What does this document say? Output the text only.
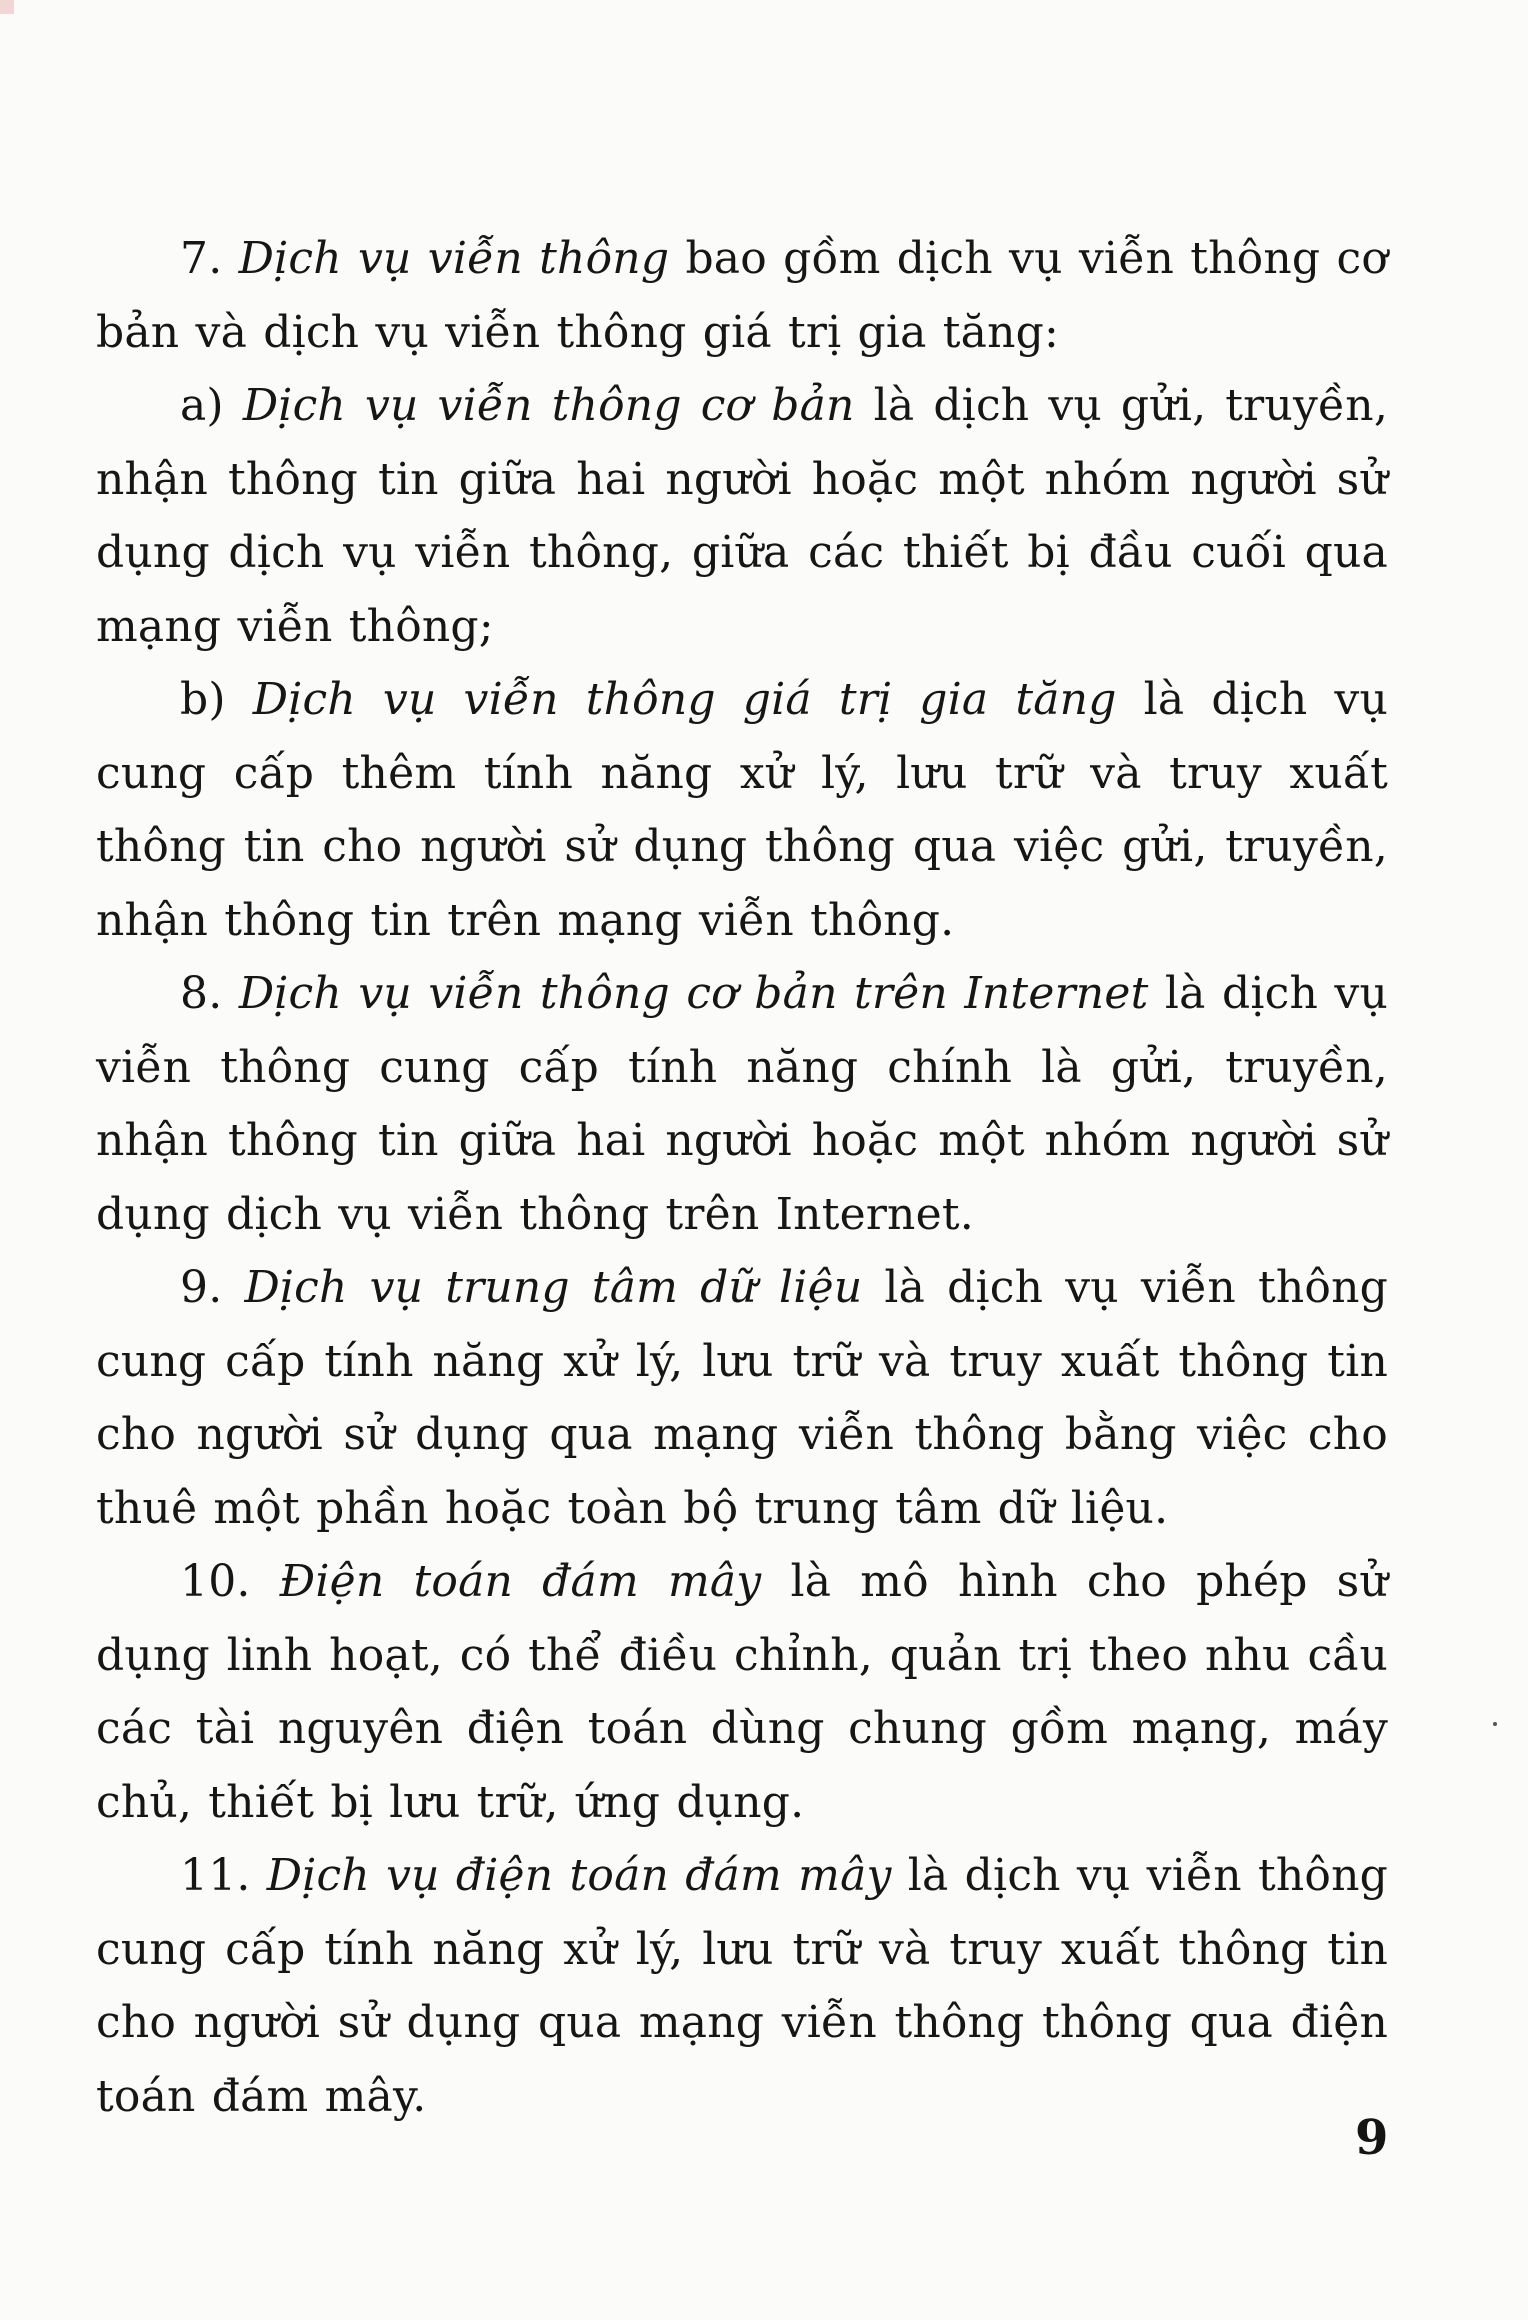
7. Dịch vụ viễn thông bao gồm dịch vụ viễn thông cơ bản và dịch vụ viễn thông giá trị gia tăng:

a) Dịch vụ viễn thông cơ bản là dịch vụ gửi, truyền, nhận thông tin giữa hai người hoặc một nhóm người sử dụng dịch vụ viễn thông, giữa các thiết bị đầu cuối qua mạng viễn thông;

b) Dịch vụ viễn thông giá trị gia tăng là dịch vụ cung cấp thêm tính năng xử lý, lưu trữ và truy xuất thông tin cho người sử dụng thông qua việc gửi, truyền, nhận thông tin trên mạng viễn thông.

8. Dịch vụ viễn thông cơ bản trên Internet là dịch vụ viễn thông cung cấp tính năng chính là gửi, truyền, nhận thông tin giữa hai người hoặc một nhóm người sử dụng dịch vụ viễn thông trên Internet.

9. Dịch vụ trung tâm dữ liệu là dịch vụ viễn thông cung cấp tính năng xử lý, lưu trữ và truy xuất thông tin cho người sử dụng qua mạng viễn thông bằng việc cho thuê một phần hoặc toàn bộ trung tâm dữ liệu.

10. Điện toán đám mây là mô hình cho phép sử dụng linh hoạt, có thể điều chỉnh, quản trị theo nhu cầu các tài nguyên điện toán dùng chung gồm mạng, máy chủ, thiết bị lưu trữ, ứng dụng.

11. Dịch vụ điện toán đám mây là dịch vụ viễn thông cung cấp tính năng xử lý, lưu trữ và truy xuất thông tin cho người sử dụng qua mạng viễn thông thông qua điện toán đám mây.

9
